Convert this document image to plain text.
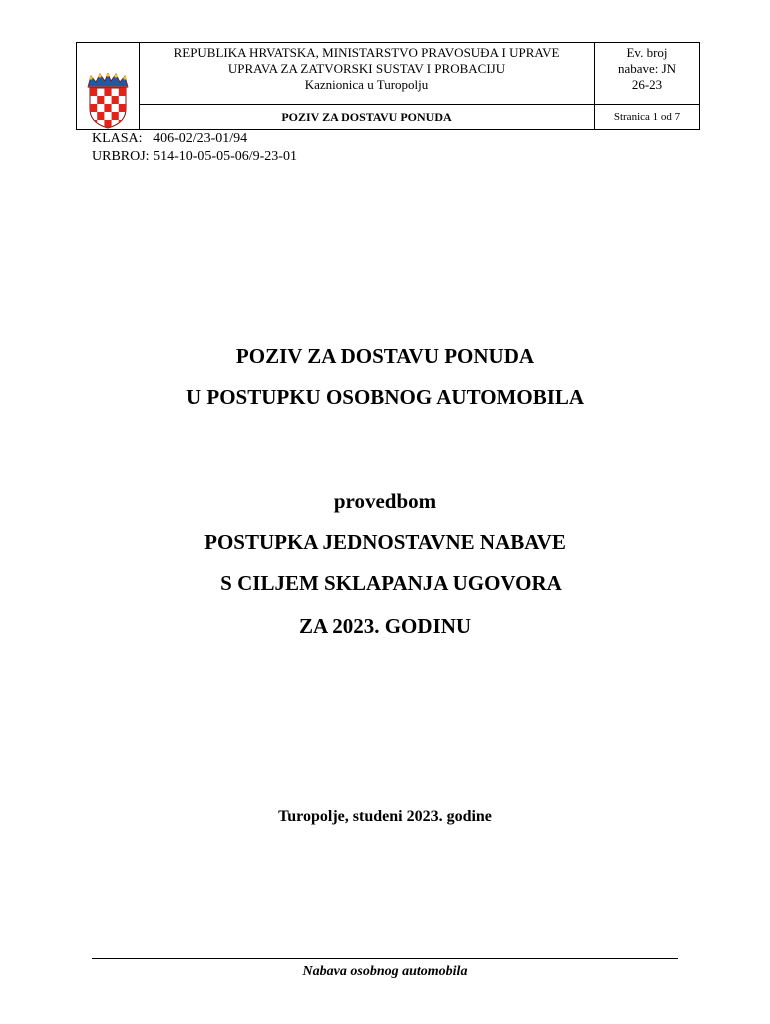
REPUBLIKA HRVATSKA, MINISTARSTVO PRAVOSUĐA I UPRAVE
UPRAVA ZA ZATVORSKI SUSTAV I PROBACIJU
Kaznionica u Turopolju
POZIV ZA DOSTAVU PONUDA
Ev. broj
nabave: JN
26-23
Stranica 1 od 7
KLASA: 406-02/23-01/94
URBROJ: 514-10-05-05-06/9-23-01
POZIV ZA DOSTAVU PONUDA
U POSTUPKU OSOBNOG AUTOMOBILA
provedbom
POSTUPKA JEDNOSTAVNE NABAVE
S CILJEM SKLAPANJA UGOVORA
ZA 2023. GODINU
Turopolje, studeni 2023. godine
Nabava osobnog automobila
